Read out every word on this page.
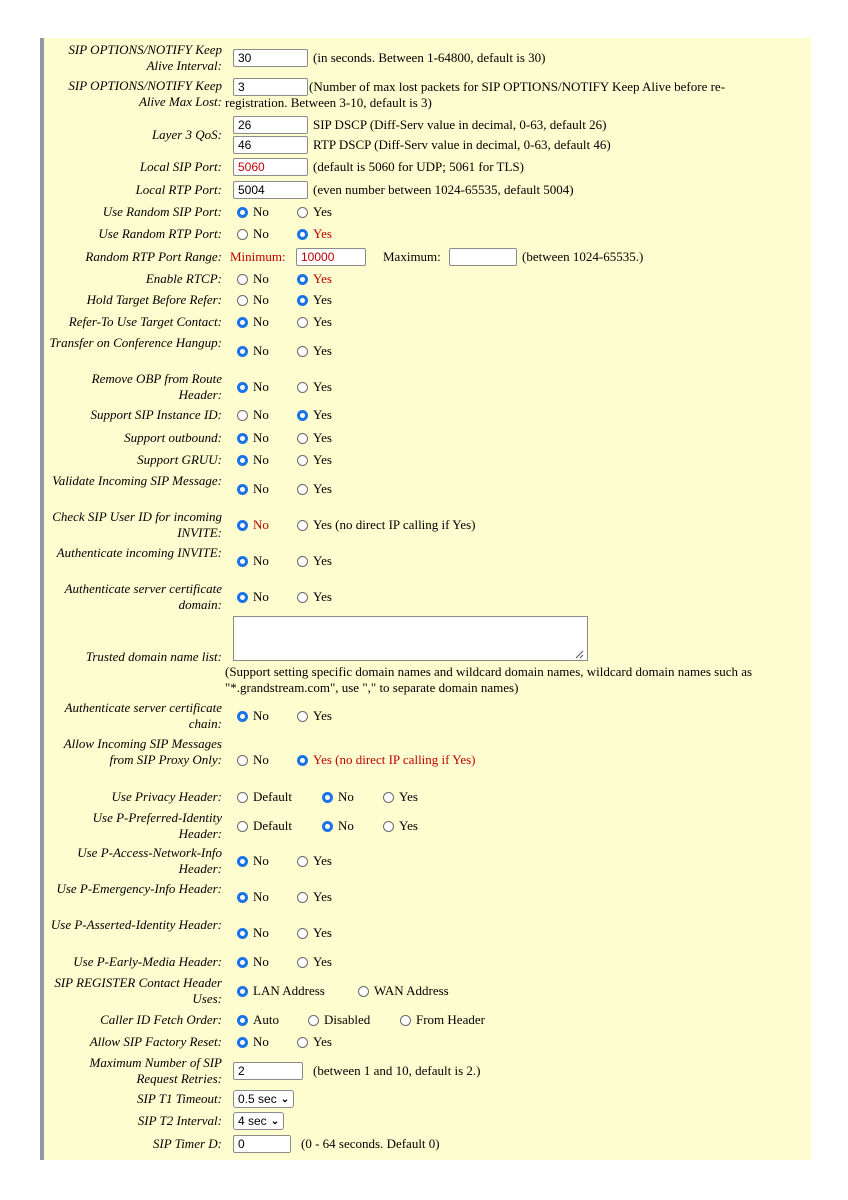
SIP OPTIONS/NOTIFY Keep Alive Interval:
30
(in seconds. Between 1-64800, default is 30)
SIP OPTIONS/NOTIFY Keep Alive Max Lost:
3
(Number of max lost packets for SIP OPTIONS/NOTIFY Keep Alive before re-
registration. Between 3-10, default is 3)
Layer 3 QoS:
26
SIP DSCP (Diff-Serv value in decimal, 0-63, default 26)
46
RTP DSCP (Diff-Serv value in decimal, 0-63, default 46)
Local SIP Port:
5060	(default is 5060 for UDP; 5061 for TLS)
Local RTP Port:
5004	(even number between 1024-65535, default 5004)
Use Random SIP Port: No	Yes
Use Random RTP Port: No	Yes
Random RTP Port Range: Minimum:
10000	Maximum:	(between 1024-65535.)
Enable RTCP: No	Yes
Hold Target Before Refer: No	Yes
Refer-To Use Target Contact: No	Yes
Transfer on Conference Hangup:
No	Yes
Remove OBP from Route Header:
No	Yes
Support SIP Instance ID: No	Yes
Support outbound: No	Yes
Support GRUU: No	Yes
Validate Incoming SIP Message:
No	Yes
Check SIP User ID for incoming INVITE:
No	Yes (no direct IP calling if Yes)
Authenticate incoming INVITE:
No	Yes
Authenticate server certificate domain:
No	Yes
Trusted domain name list:
(Support setting specific domain names and wildcard domain names, wildcard domain names such as
"*.grandstream.com", use "," to separate domain names)
Authenticate server certificate chain:
No	Yes
Allow Incoming SIP Messages from SIP Proxy Only: No	Yes (no direct IP calling if Yes)
Use Privacy Header: Default	No	Yes
Use P-Preferred-Identity Header:
Default	No	Yes
Use P-Access-Network-Info Header:
No	Yes
Use P-Emergency-Info Header:
No	Yes
Use P-Asserted-Identity Header:
No	Yes
Use P-Early-Media Header: No	Yes
SIP REGISTER Contact Header Uses:
LAN Address	WAN Address
Caller ID Fetch Order: Auto	Disabled	From Header
Allow SIP Factory Reset: No	Yes
Maximum Number of SIP Request Retries:
2
(between 1 and 10, default is 2.)
SIP T1 Timeout: 0.5 sec ⌄
SIP T2 Interval: 4 sec ⌄
SIP Timer D:
0	(0 - 64 seconds. Default 0)
